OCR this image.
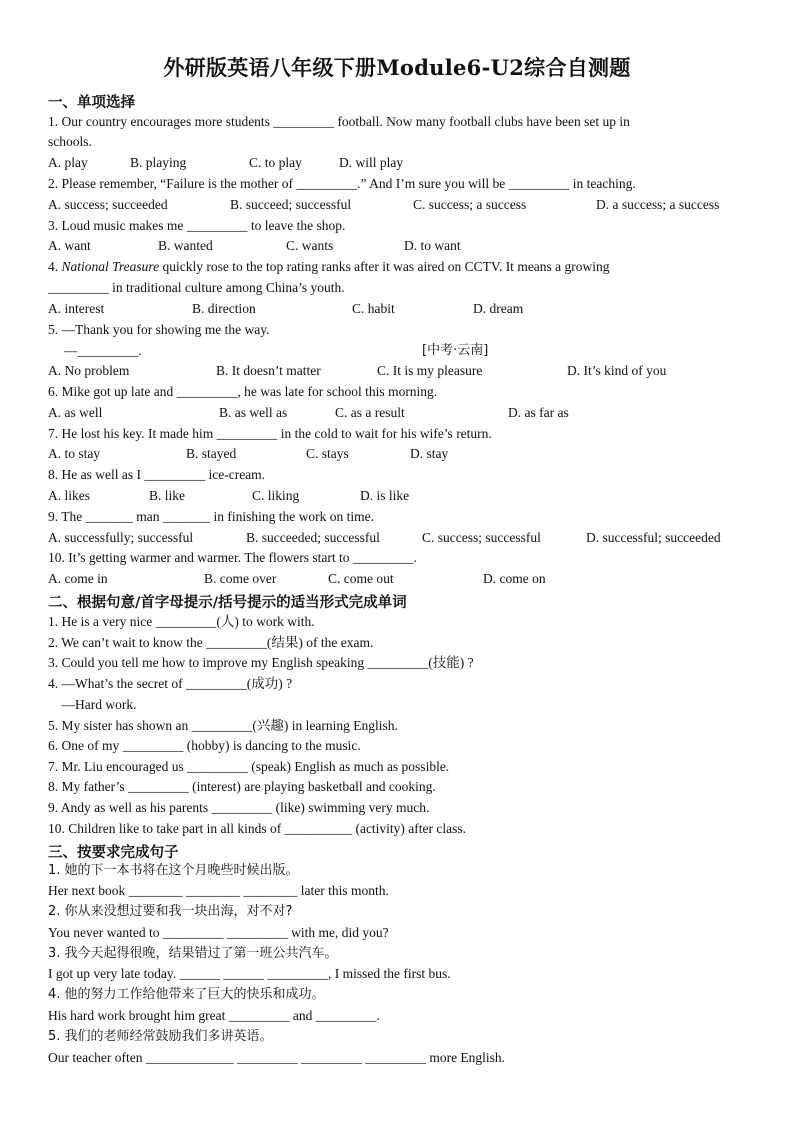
外研版英语八年级下册Module6-U2综合自测题
一、单项选择
1. Our country encourages more students _________ football. Now many football clubs have been set up in
schools.
A. play	B. playing	C. to play	D. will play
2. Please remember, “Failure is the mother of _________.” And I’m sure you will be _________ in teaching.
A. success; succeeded	B. succeed; successful	C. success; a success	D. a success; a success
3. Loud music makes me _________ to leave the shop.
A. want	B. wanted	C. wants	D. to want
4. National Treasure quickly rose to the top rating ranks after it was aired on CCTV. It means a growing
_________ in traditional culture among China’s youth.
A. interest	B. direction	C. habit	D. dream
5. —Thank you for showing me the way.
—_________.	[中考·云南]
A. No problem	B. It doesn’t matter	C. It is my pleasure	D. It’s kind of you
6. Mike got up late and _________, he was late for school this morning.
A. as well	B. as well as	C. as a result	D. as far as
7. He lost his key. It made him _________ in the cold to wait for his wife’s return.
A. to stay	B. stayed	C. stays	D. stay
8. He as well as I _________ ice-cream.
A. likes	B. like	C. liking	D. is like
9. The _______ man _______ in finishing the work on time.
A. successfully; successful	B. succeeded; successful	C. success; successful	D. successful; succeeded
10. It’s getting warmer and warmer. The flowers start to _________.
A. come in	B. come over	C. come out	D. come on
二、根据句意/首字母提示/括号提示的适当形式完成单词
1. He is a very nice _________(人) to work with.
2. We can’t wait to know the _________(结果) of the exam.
3. Could you tell me how to improve my English speaking _________(技能) ?
4. —What’s the secret of _________(成功) ?
—Hard work.
5. My sister has shown an _________(兴趣) in learning English.
6. One of my _________ (hobby) is dancing to the music.
7. Mr. Liu encouraged us _________ (speak) English as much as possible.
8. My father’s _________ (interest) are playing basketball and cooking.
9. Andy as well as his parents _________ (like) swimming very much.
10. Children like to take part in all kinds of __________ (activity) after class.
三、按要求完成句子
1. 她的下一本书将在这个月晚些时候出版。
Her next book ________ ________ ________ later this month.
2. 你从来没想过要和我一块出海，对不对?
You never wanted to _________ _________ with me, did you?
3. 我今天起得很晚，结果错过了第一班公共汽车。
I got up very late today. ______ ______ _________, I missed the first bus.
4. 他的努力工作给他带来了巨大的快乐和成功。
His hard work brought him great _________ and _________.
5. 我们的老师经常鼓励我们多讲英语。
Our teacher often _____________ _________ _________ _________ more English.
